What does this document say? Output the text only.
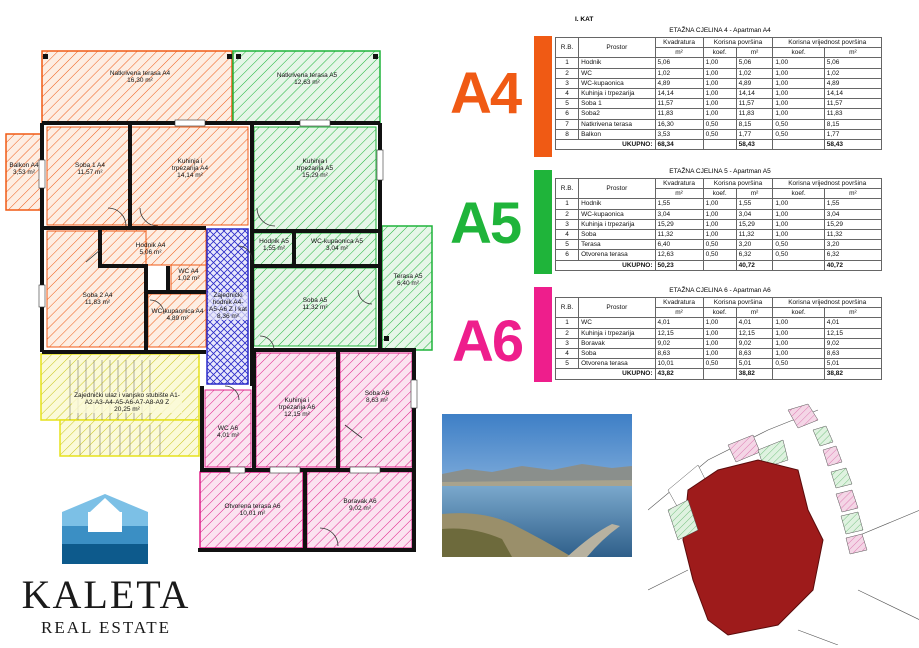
Natkrivena terasa A4
16,30 m²
Natkrivena terasa A5
12,63 m²
Balkon A4
3,53 m²
Soba 1 A4
11,57 m²
Kuhinja i trpezarija A4
14,14 m²
Kuhinja i trpezarija A5
15,29 m²
Hodnik A4
5,06 m²
Hodnik A5
1,55 m²
WC-kupaonica A5
3,04 m²
Terasa A5
6,40 m²
WC A4
1,02 m²
Soba 2 A4
11,83 m²
WC-kupaonica A4
4,89 m²
Zajednički hodnik A4-A5-A6 Z I kat
8,36 m²
Soba A5
11,32 m²
Zajednički ulaz i vanjsko stubište A1-A2-A3-A4-A5-A6-A7-A8-A9 Z
20,25 m²
Kuhinja i trpezarija A6
12,15 m²
Soba A6
8,63 m²
WC A6
4,01 m²
Otvorena terasa A6
10,01 m²
Boravak A6
9,02 m²
I. KAT
A4
A5
A6
ETAŽNA CJELINA 4 - Apartman A4
ETAŽNA CJELINA 5 - Apartman A5
ETAŽNA CJELINA 6 - Apartman A6
R.B.	Prostor	Kvadratura	Korisna površina		Korisna vrijednost površina	
		m²	koef.	m²	koef.	m²
1	Hodnik	5,06	1,00	5,06	1,00	5,06
2	WC	1,02	1,00	1,02	1,00	1,02
3	WC-kupaonica	4,89	1,00	4,89	1,00	4,89
4	Kuhinja i trpezarija	14,14	1,00	14,14	1,00	14,14
5	Soba 1	11,57	1,00	11,57	1,00	11,57
6	Soba2	11,83	1,00	11,83	1,00	11,83
7	Natkrivena terasa	16,30	0,50	8,15	0,50	8,15
8	Balkon	3,53	0,50	1,77	0,50	1,77
UKUPNO:		68,34		58,43		58,43
R.B.	Prostor	Kvadratura	Korisna površina		Korisna vrijednost površina	
		m²	koef.	m²	koef.	m²
1	Hodnik	1,55	1,00	1,55	1,00	1,55
2	WC-kupaonica	3,04	1,00	3,04	1,00	3,04
3	Kuhinja i trpezarija	15,29	1,00	15,29	1,00	15,29
4	Soba	11,32	1,00	11,32	1,00	11,32
5	Terasa	6,40	0,50	3,20	0,50	3,20
6	Otvorena terasa	12,63	0,50	6,32	0,50	6,32
UKUPNO:		50,23		40,72		40,72
R.B.	Prostor	Kvadratura	Korisna površina		Korisna vrijednost površina	
		m²	koef.	m²	koef.	m²
1	WC	4,01	1,00	4,01	1,00	4,01
2	Kuhinja i trpezarija	12,15	1,00	12,15	1,00	12,15
3	Boravak	9,02	1,00	9,02	1,00	9,02
4	Soba	8,63	1,00	8,63	1,00	8,63
5	Otvorena terasa	10,01	0,50	5,01	0,50	5,01
UKUPNO:		43,82		38,82		38,82
KALETA
REAL ESTATE
